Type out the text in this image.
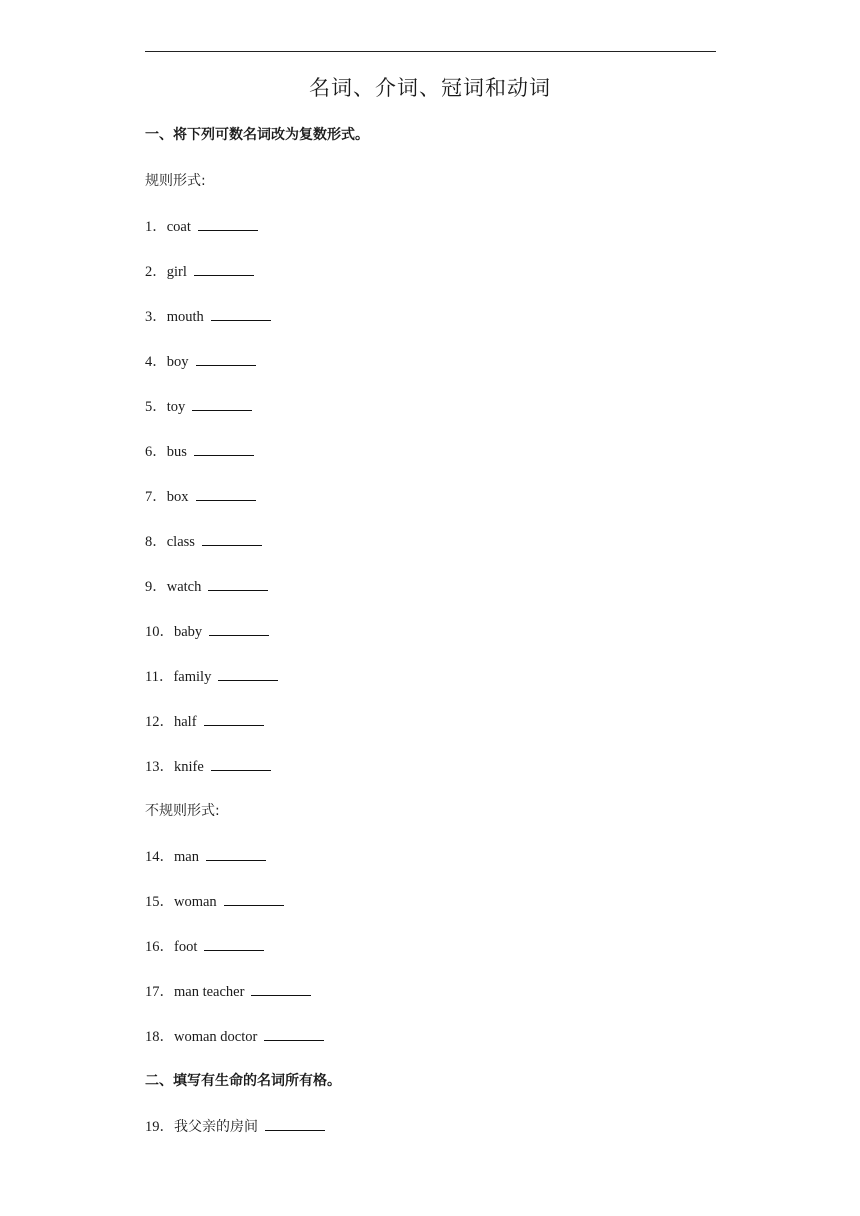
名词、介词、冠词和动词

一、将下列可数名词改为复数形式。

规则形式:

1．coat

2．girl

3．mouth

4．boy

5．toy

6．bus

7．box

8．class

9．watch

10．baby

11．family

12．half

13．knife

不规则形式:

14．man

15．woman

16．foot

17．man teacher

18．woman doctor

二、填写有生命的名词所有格。

19．我父亲的房间
